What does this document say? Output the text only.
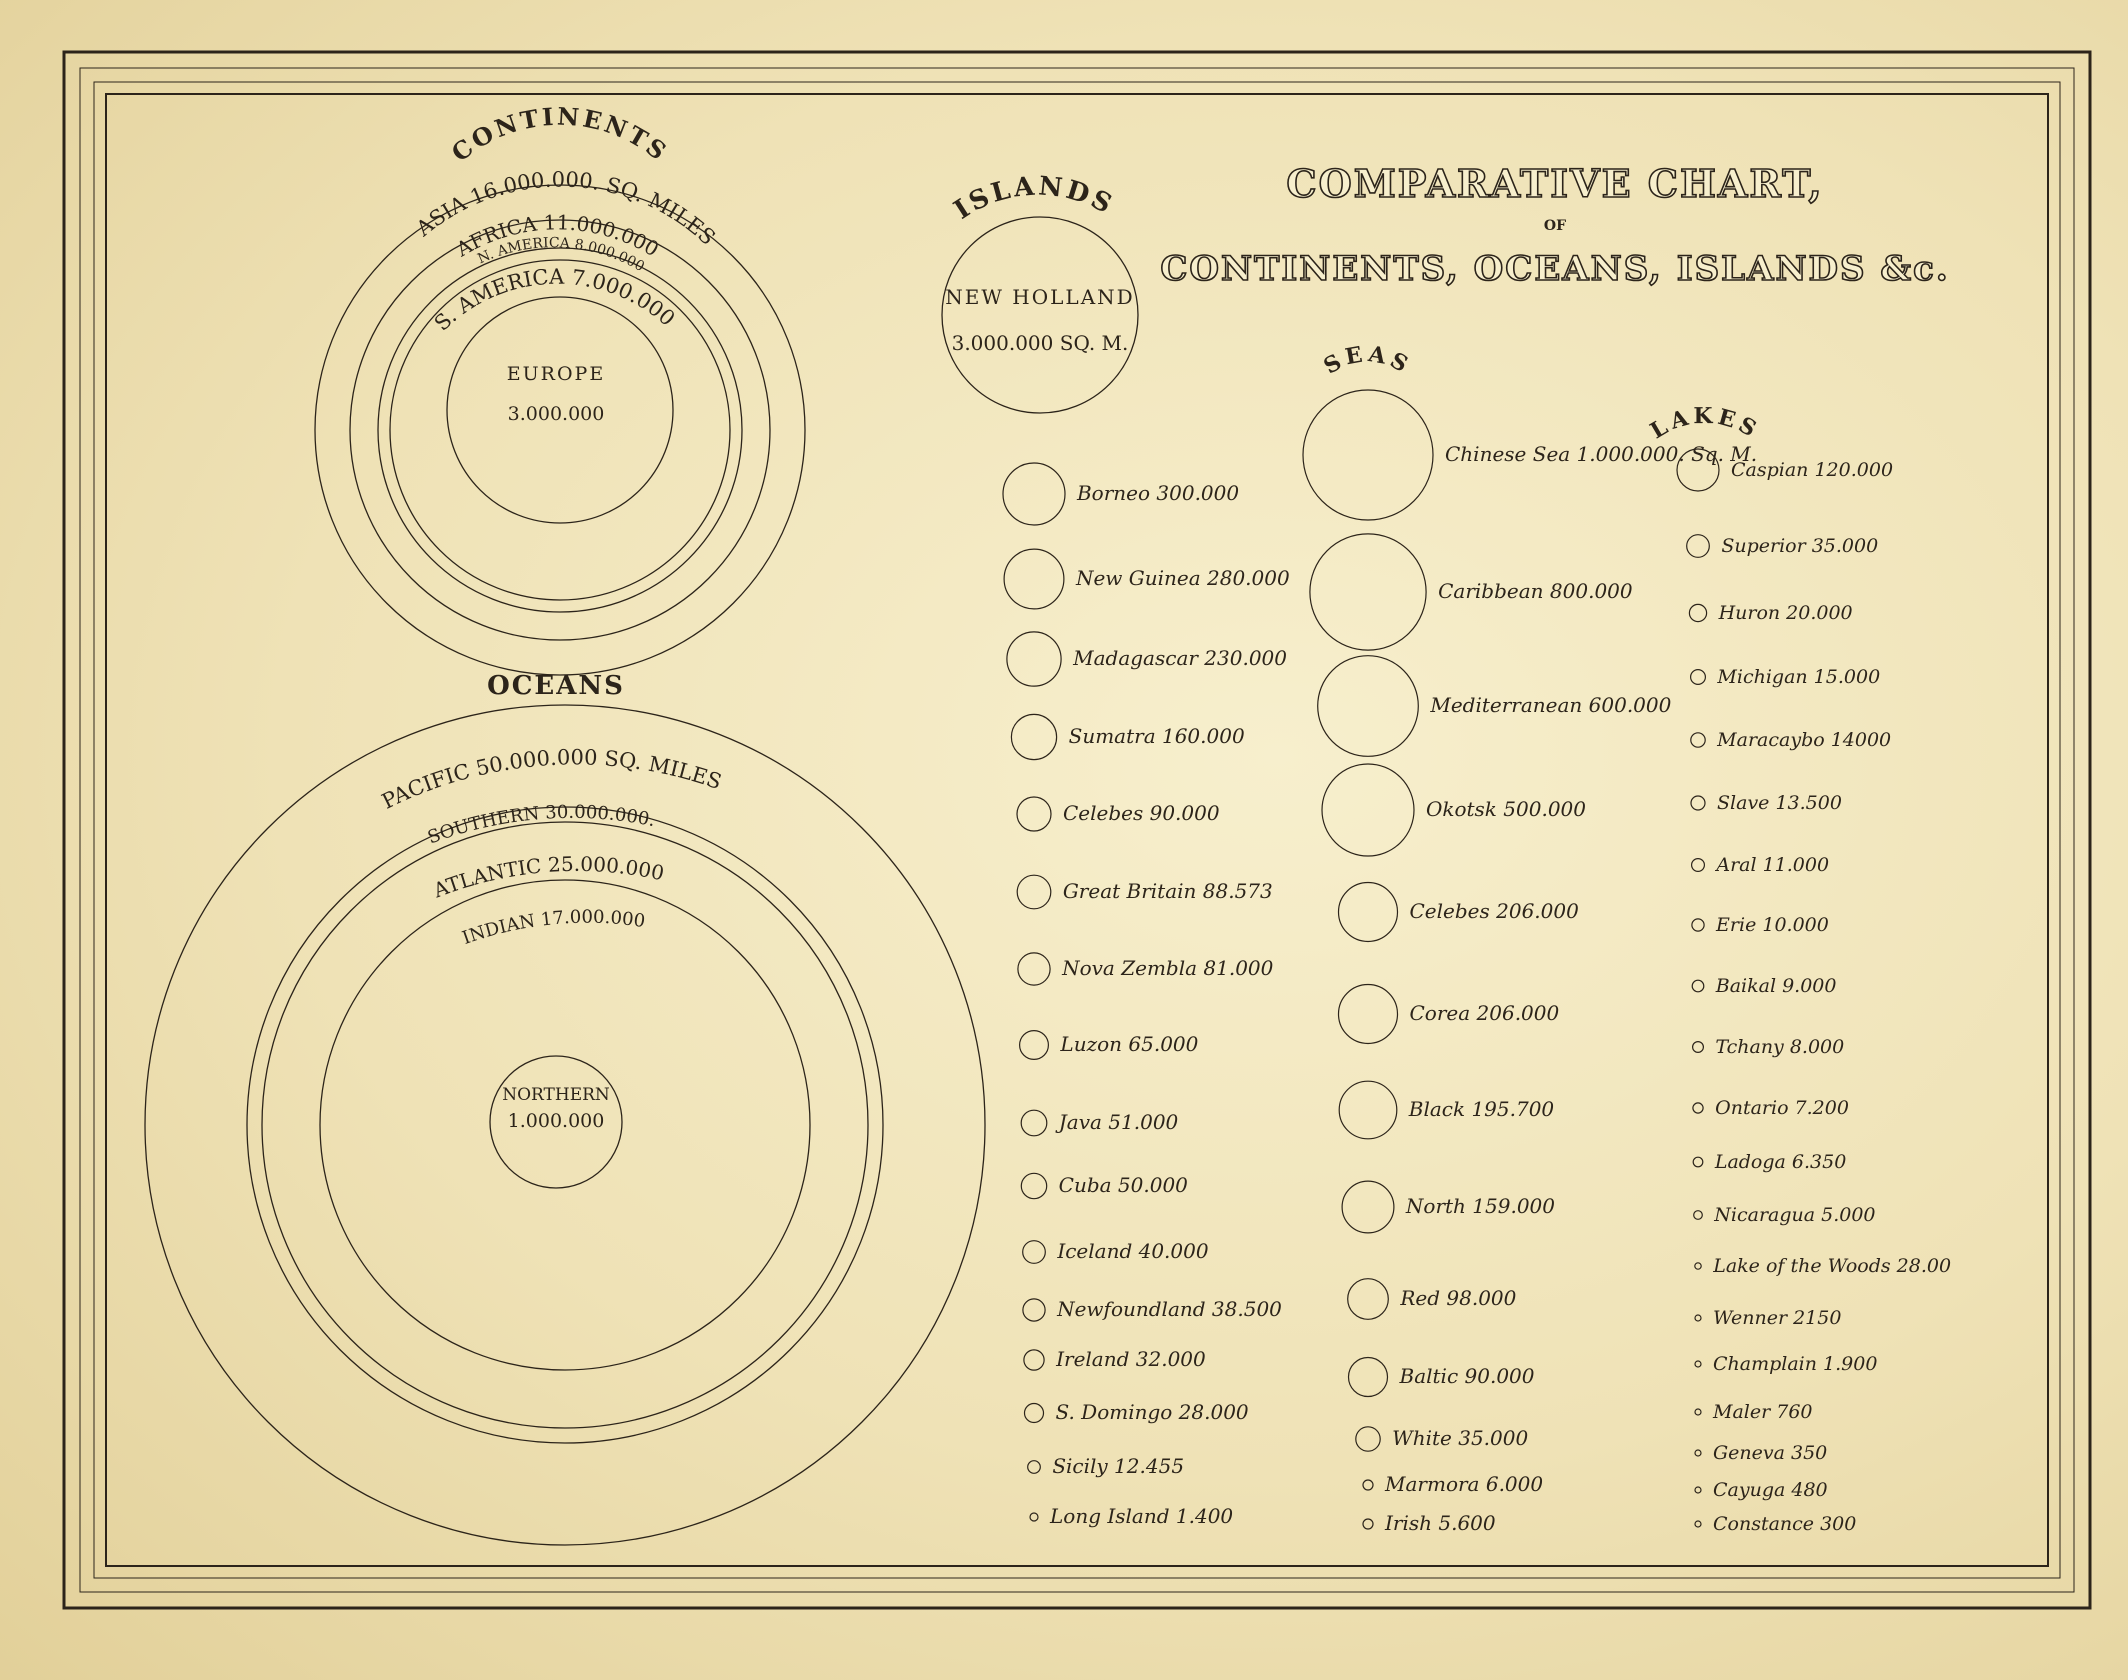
COMPARATIVE CHART,
OF
CONTINENTS, OCEANS, ISLANDS &c.
CONTINENTS
ASIA 16.000.000. SQ. MILES
AFRICA 11.000.000
N. AMERICA 8.000.000
S. AMERICA 7.000.000
EUROPE
3.000.000
OCEANS
PACIFIC 50.000.000 SQ. MILES
SOUTHERN 30.000.000.
ATLANTIC 25.000.000
INDIAN 17.000.000
NORTHERN
1.000.000
ISLANDS
NEW HOLLAND
3.000.000 SQ. M.
Borneo 300.000
New Guinea 280.000
Madagascar 230.000
Sumatra 160.000
Celebes 90.000
Great Britain 88.573
Nova Zembla 81.000
Luzon 65.000
Java 51.000
Cuba 50.000
Iceland 40.000
Newfoundland 38.500
Ireland 32.000
S. Domingo 28.000
Sicily 12.455
Long Island 1.400
SEAS
Chinese Sea 1.000.000. Sq. M.
Caribbean 800.000
Mediterranean 600.000
Okotsk 500.000
Celebes 206.000
Corea 206.000
Black 195.700
North 159.000
Red 98.000
Baltic 90.000
White 35.000
Marmora 6.000
Irish 5.600
LAKES
Caspian 120.000
Superior 35.000
Huron 20.000
Michigan 15.000
Maracaybo 14000
Slave 13.500
Aral 11.000
Erie 10.000
Baikal 9.000
Tchany 8.000
Ontario 7.200
Ladoga 6.350
Nicaragua 5.000
Lake of the Woods 28.00
Wenner 2150
Champlain 1.900
Maler 760
Geneva 350
Cayuga 480
Constance 300
